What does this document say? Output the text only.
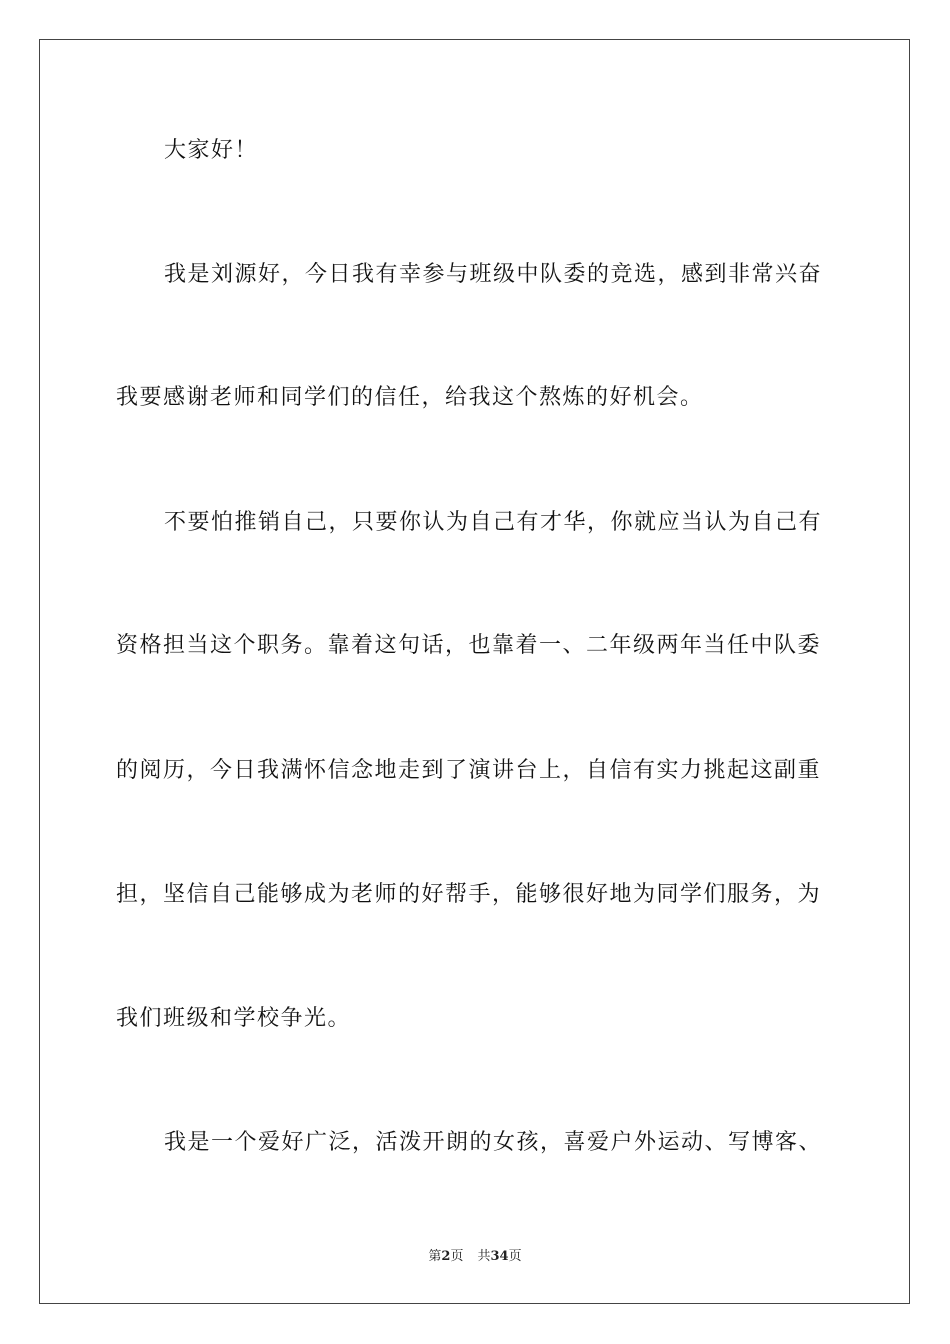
大家好！
我是刘源好，今日我有幸参与班级中队委的竞选，感到非常兴奋
我要感谢老师和同学们的信任，给我这个熬炼的好机会。
不要怕推销自己，只要你认为自己有才华，你就应当认为自己有
资格担当这个职务。靠着这句话，也靠着一、二年级两年当任中队委
的阅历，今日我满怀信念地走到了演讲台上，自信有实力挑起这副重
担，坚信自己能够成为老师的好帮手，能够很好地为同学们服务，为
我们班级和学校争光。
我是一个爱好广泛，活泼开朗的女孩，喜爱户外运动、写博客、
第2页 共34页
